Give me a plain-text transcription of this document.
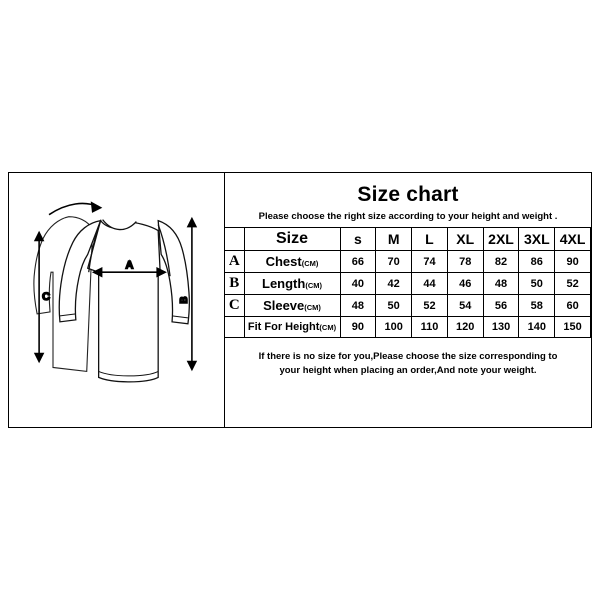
A
B
C
Size chart
Please choose the right size according to your height and weight .
	Size	s	M	L	XL	2XL	3XL	4XL
A	Chest(CM)	66	70	74	78	82	86	90
B	Length(CM)	40	42	44	46	48	50	52
C	Sleeve(CM)	48	50	52	54	56	58	60
	Fit For Height(CM)	90	100	110	120	130	140	150
If there is no size for you,Please choose the size corresponding to
your height when placing an order,And note your weight.
